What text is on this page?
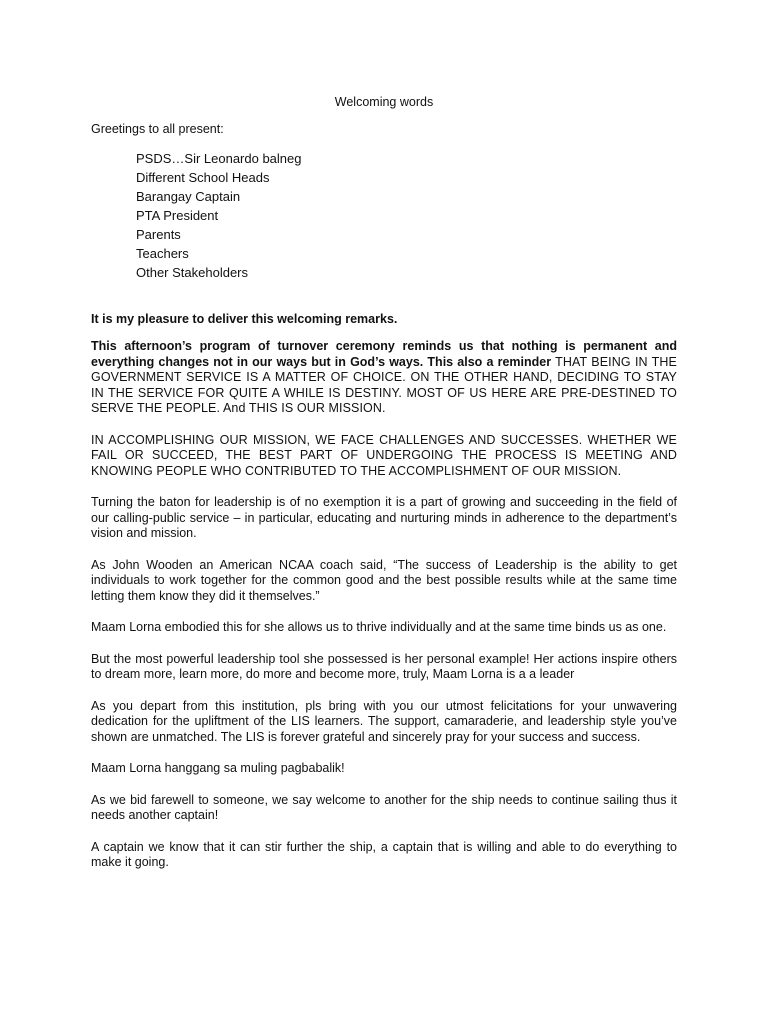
Welcoming words
Greetings to all present:
PSDS…Sir Leonardo balneg
Different School Heads
Barangay Captain
PTA President
Parents
Teachers
Other Stakeholders
It is my pleasure to deliver this welcoming remarks.

This afternoon’s program of turnover ceremony reminds us that nothing is permanent and everything changes not in our ways but in God’s ways. This also a reminder THAT BEING IN THE GOVERNMENT SERVICE IS A MATTER OF CHOICE. ON THE OTHER HAND, DECIDING TO STAY IN THE SERVICE FOR QUITE A WHILE IS DESTINY. MOST OF US HERE ARE PRE-DESTINED TO SERVE THE PEOPLE. And THIS IS OUR MISSION.

IN ACCOMPLISHING OUR MISSION, WE FACE CHALLENGES AND SUCCESSES. WHETHER WE FAIL OR SUCCEED, THE BEST PART OF UNDERGOING THE PROCESS IS MEETING AND KNOWING PEOPLE WHO CONTRIBUTED TO THE ACCOMPLISHMENT OF OUR MISSION.

Turning the baton for leadership is of no exemption it is a part of growing and succeeding in the field of our calling-public service – in particular, educating and nurturing minds in adherence to the department’s vision and mission.

As John Wooden an American NCAA coach said, “The success of Leadership is the ability to get individuals to work together for the common good and the best possible results while at the same time letting them know they did it themselves.”

Maam Lorna embodied this for she allows us to thrive individually and at the same time binds us as one.

But the most powerful leadership tool she possessed is her personal example! Her actions inspire others to dream more, learn more, do more and become more, truly, Maam Lorna is a a leader

As you depart from this institution, pls bring with you our utmost felicitations for your unwavering dedication for the upliftment of the LIS learners. The support, camaraderie, and leadership style you’ve shown are unmatched. The LIS is forever grateful and sincerely pray for your success and success.

Maam Lorna hanggang sa muling pagbabalik!

As we bid farewell to someone, we say welcome to another for the ship needs to continue sailing thus it needs another captain!

A captain we know that it can stir further the ship, a captain that is willing and able to do everything to make it going.
